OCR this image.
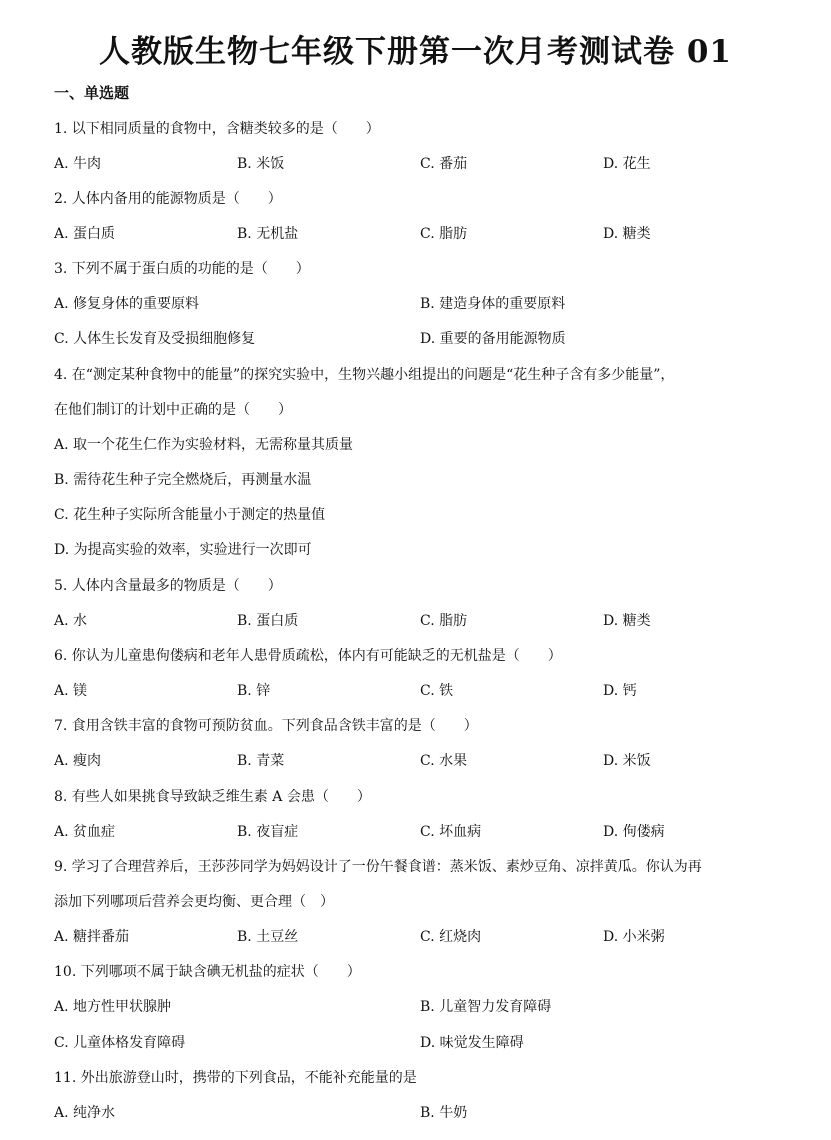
人教版生物七年级下册第一次月考测试卷 01
一、单选题
1. 以下相同质量的食物中，含糖类较多的是（　　）
A. 牛肉	B. 米饭	C. 番茄	D. 花生
2. 人体内备用的能源物质是（　　）
A. 蛋白质	B. 无机盐	C. 脂肪	D. 糖类
3. 下列不属于蛋白质的功能的是（　　）
A. 修复身体的重要原料	B. 建造身体的重要原料
C. 人体生长发育及受损细胞修复	D. 重要的备用能源物质
4. 在“测定某种食物中的能量”的探究实验中，生物兴趣小组提出的问题是“花生种子含有多少能量”，
在他们制订的计划中正确的是（　　）
A. 取一个花生仁作为实验材料，无需称量其质量
B. 需待花生种子完全燃烧后，再测量水温
C. 花生种子实际所含能量小于测定的热量值
D. 为提高实验的效率，实验进行一次即可
5. 人体内含量最多的物质是（　　）
A. 水	B. 蛋白质	C. 脂肪	D. 糖类
6. 你认为儿童患佝偻病和老年人患骨质疏松，体内有可能缺乏的无机盐是（　　）
A. 镁	B. 锌	C. 铁	D. 钙
7. 食用含铁丰富的食物可预防贫血。下列食品含铁丰富的是（　　）
A. 瘦肉	B. 青菜	C. 水果	D. 米饭
8. 有些人如果挑食导致缺乏维生素 A 会患（　　）
A. 贫血症	B. 夜盲症	C. 坏血病	D. 佝偻病
9. 学习了合理营养后，王莎莎同学为妈妈设计了一份午餐食谱：蒸米饭、素炒豆角、凉拌黄瓜。你认为再
添加下列哪项后营养会更均衡、更合理（　）
A. 糖拌番茄	B. 土豆丝	C. 红烧肉	D. 小米粥
10. 下列哪项不属于缺含碘无机盐的症状（　　）
A. 地方性甲状腺肿	B. 儿童智力发育障碍
C. 儿童体格发育障碍	D. 味觉发生障碍
11. 外出旅游登山时，携带的下列食品，不能补充能量的是
A. 纯净水	B. 牛奶
